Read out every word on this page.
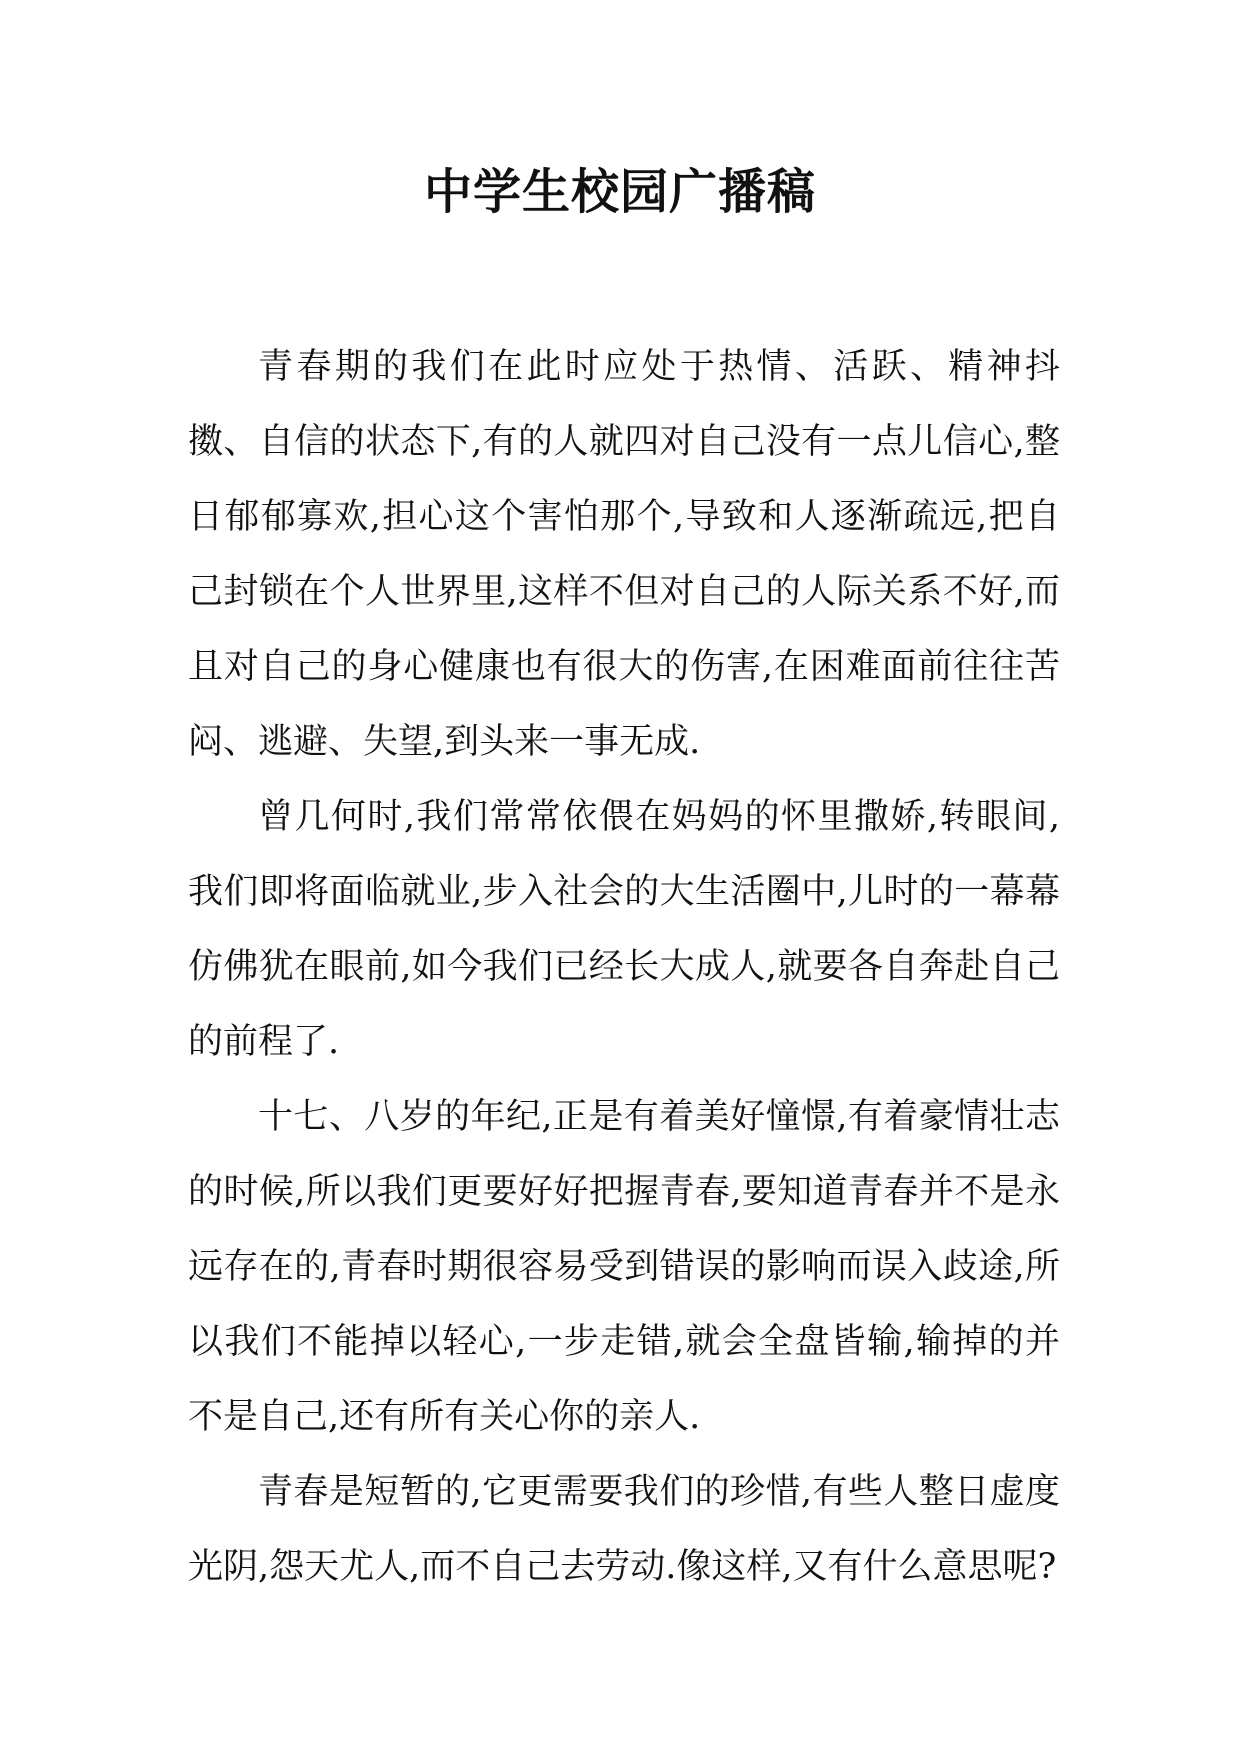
中学生校园广播稿

青春期的我们在此时应处于热情、活跃、精神抖擞、自信的状态下,有的人就四对自己没有一点儿信心,整日郁郁寡欢,担心这个害怕那个,导致和人逐渐疏远,把自己封锁在个人世界里,这样不但对自己的人际关系不好,而且对自己的身心健康也有很大的伤害,在困难面前往往苦闷、逃避、失望,到头来一事无成.

曾几何时,我们常常依偎在妈妈的怀里撒娇,转眼间,我们即将面临就业,步入社会的大生活圈中,儿时的一幕幕仿佛犹在眼前,如今我们已经长大成人,就要各自奔赴自己的前程了.

十七、八岁的年纪,正是有着美好憧憬,有着豪情壮志的时候,所以我们更要好好把握青春,要知道青春并不是永远存在的,青春时期很容易受到错误的影响而误入歧途,所以我们不能掉以轻心,一步走错,就会全盘皆输,输掉的并不是自己,还有所有关心你的亲人.

青春是短暂的,它更需要我们的珍惜,有些人整日虚度光阴,怨天尤人,而不自己去劳动.像这样,又有什么意思呢?
